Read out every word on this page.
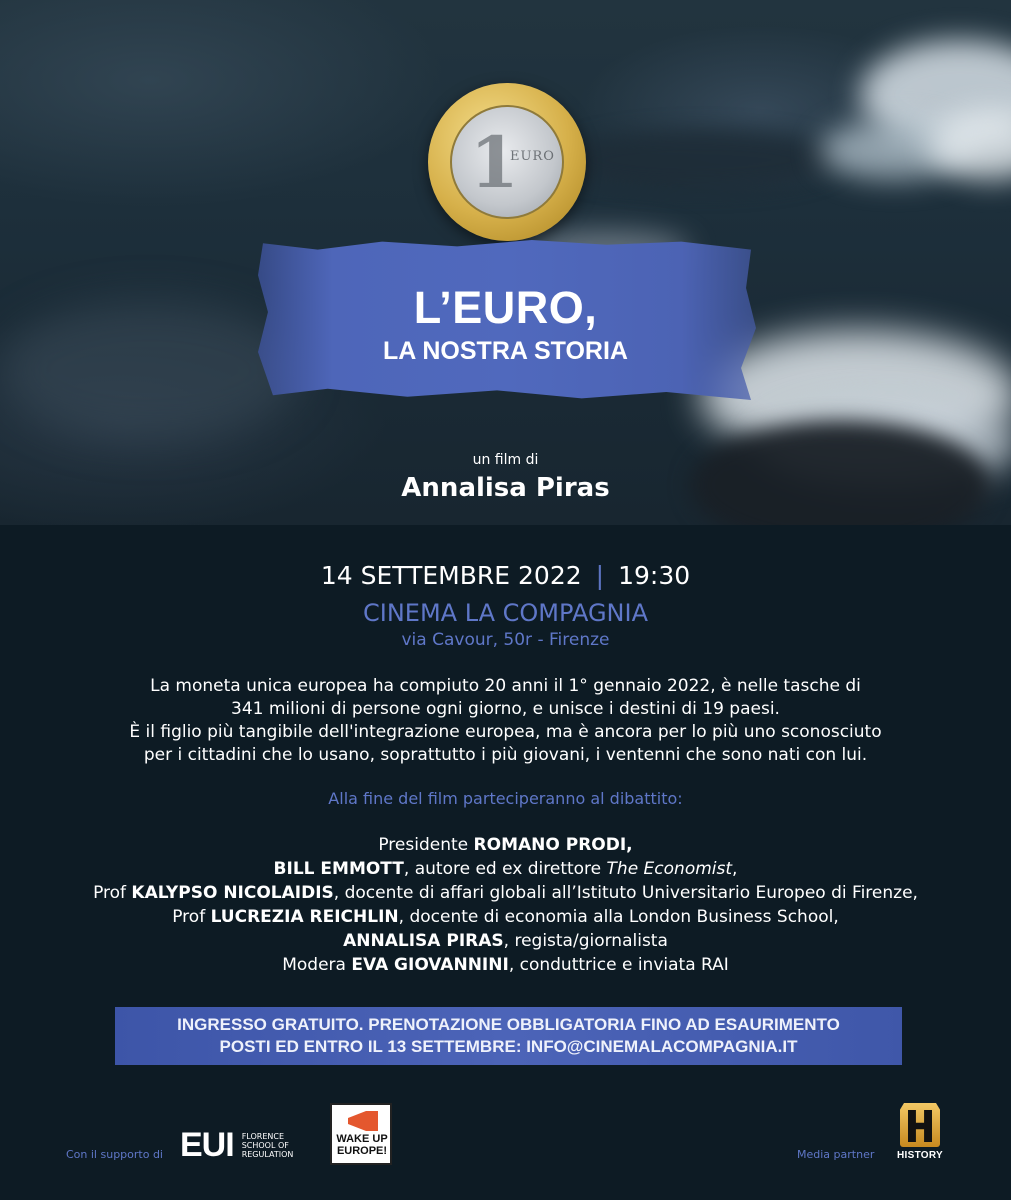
1
EURO
L’EURO,
LA NOSTRA STORIA
un film di
Annalisa Piras
14 SETTEMBRE 2022 | 19:30
CINEMA LA COMPAGNIA
via Cavour, 50r - Firenze
La moneta unica europea ha compiuto 20 anni il 1° gennaio 2022, è nelle tasche di
341 milioni di persone ogni giorno, e unisce i destini di 19 paesi.
È il figlio più tangibile dell'integrazione europea, ma è ancora per lo più uno sconosciuto
per i cittadini che lo usano, soprattutto i più giovani, i ventenni che sono nati con lui.
Alla fine del film parteciperanno al dibattito:
Presidente ROMANO PRODI,
BILL EMMOTT, autore ed ex direttore The Economist,
Prof KALYPSO NICOLAIDIS, docente di affari globali all’Istituto Universitario Europeo di Firenze,
Prof LUCREZIA REICHLIN, docente di economia alla London Business School,
ANNALISA PIRAS, regista/giornalista
Modera EVA GIOVANNINI, conduttrice e inviata RAI
INGRESSO GRATUITO. PRENOTAZIONE OBBLIGATORIA FINO AD ESAURIMENTO
POSTI ED ENTRO IL 13 SETTEMBRE: INFO@CINEMALACOMPAGNIA.IT
Con il supporto di EUI FLORENCE
SCHOOL OF
REGULATION
WAKE UP
EUROPE!	Media partner	HISTORY
